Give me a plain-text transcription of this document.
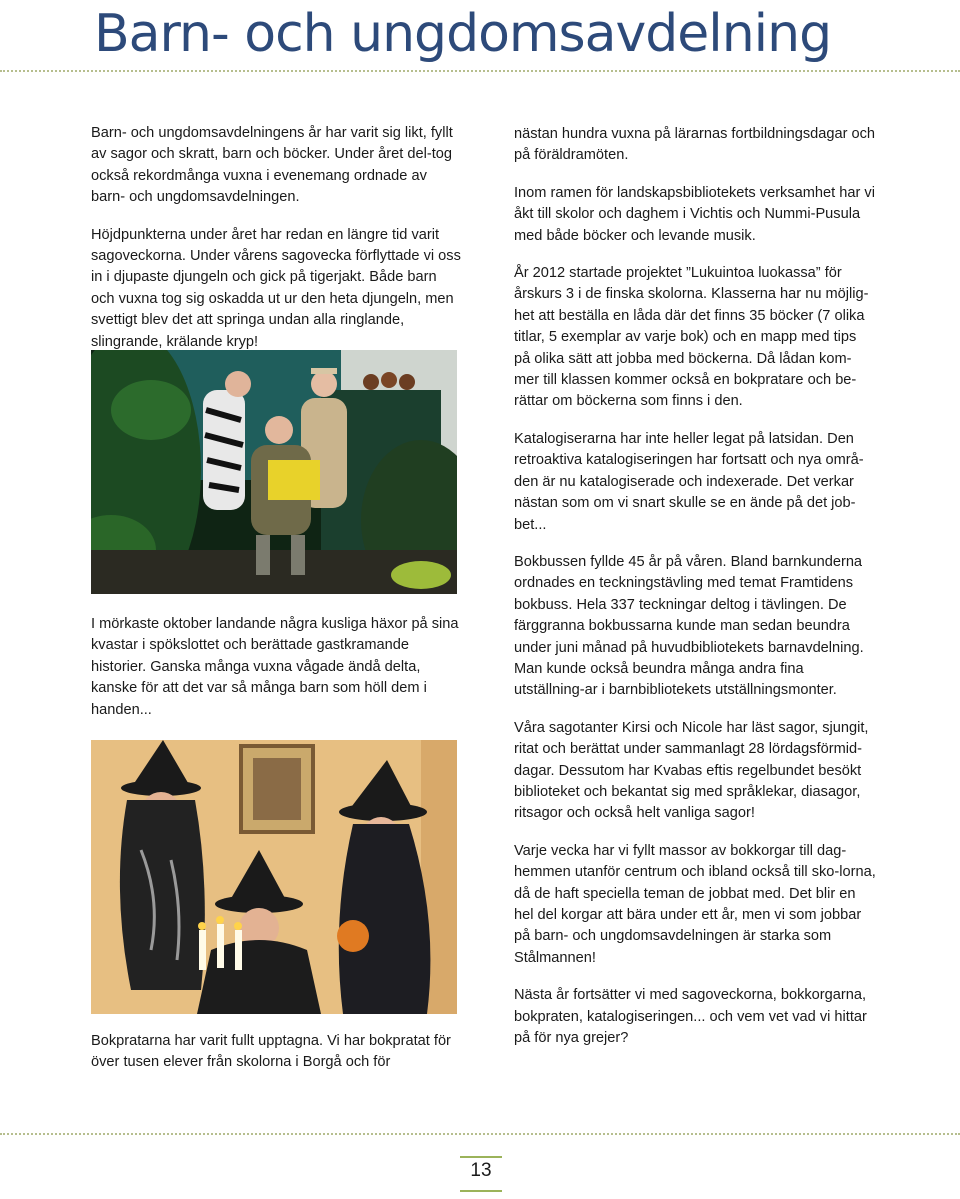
Barn- och ungdomsavdelning

Barn- och ungdomsavdelningens år har varit sig likt, fyllt av sagor och skratt, barn och böcker. Under året del-tog också rekordmånga vuxna i evenemang ordnade av barn- och ungdomsavdelningen.

Höjdpunkterna under året har redan en längre tid varit sagoveckorna. Under vårens sagovecka förflyttade vi oss in i djupaste djungeln och gick på tigerjakt. Både barn och vuxna tog sig oskadda ut ur den heta djungeln, men svettigt blev det att springa undan alla ringlande, slingrande, krälande kryp!

I mörkaste oktober landande några kusliga häxor på sina kvastar i spökslottet och berättade gastkramande historier. Ganska många vuxna vågade ändå delta, kanske för att det var så många barn som höll dem i handen...

Bokpratarna har varit fullt upptagna. Vi har bokpratat för över tusen elever från skolorna i Borgå och för

nästan hundra vuxna på lärarnas fortbildningsdagar och på föräldramöten.

Inom ramen för landskapsbibliotekets verksamhet har vi åkt till skolor och daghem i Vichtis och Nummi-Pusula med både böcker och levande musik.

År 2012 startade projektet ”Lukuintoa luokassa” för årskurs 3 i de finska skolorna. Klasserna har nu möjlig-het att beställa en låda där det finns 35 böcker (7 olika titlar, 5 exemplar av varje bok) och en mapp med tips på olika sätt att jobba med böckerna. Då lådan kom-mer till klassen kommer också en bokpratare och be-rättar om böckerna som finns i den.

Katalogiserarna har inte heller legat på latsidan. Den retroaktiva katalogiseringen har fortsatt och nya områ-den är nu katalogiserade och indexerade. Det verkar nästan som om vi snart skulle se en ände på det job-bet...

Bokbussen fyllde 45 år på våren. Bland barnkunderna ordnades en teckningstävling med temat Framtidens bokbuss. Hela 337 teckningar deltog i tävlingen. De färggranna bokbussarna kunde man sedan beundra under juni månad på huvudbibliotekets barnavdelning. Man kunde också beundra många andra fina utställning-ar i barnbibliotekets utställningsmonter.

Våra sagotanter Kirsi och Nicole har läst sagor, sjungit, ritat och berättat under sammanlagt 28 lördagsförmid-dagar. Dessutom har Kvabas eftis regelbundet besökt biblioteket och bekantat sig med språklekar, diasagor, ritsagor och också helt vanliga sagor!

Varje vecka har vi fyllt massor av bokkorgar till dag-hemmen utanför centrum och ibland också till sko-lorna, då de haft speciella teman de jobbat med. Det blir en hel del korgar att bära under ett år, men vi som jobbar på barn- och ungdomsavdelningen är starka som Stålmannen!

Nästa år fortsätter vi med sagoveckorna, bokkorgarna, bokpraten, katalogiseringen... och vem vet vad vi hittar på för nya grejer?

13
